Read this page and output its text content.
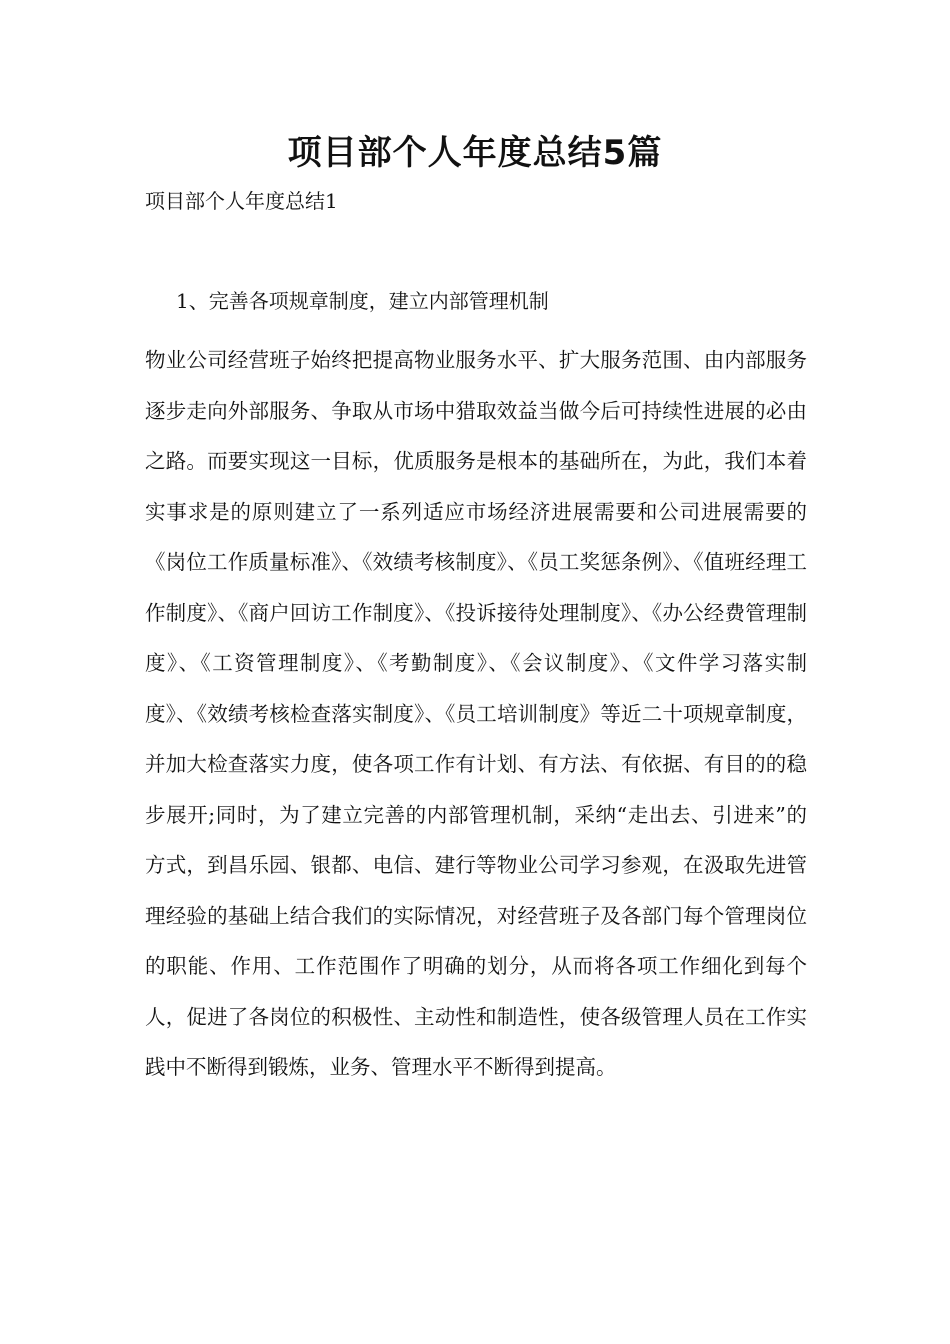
项目部个人年度总结5篇
项目部个人年度总结1
1、完善各项规章制度，建立内部管理机制

物业公司经营班子始终把提高物业服务水平、扩大服务范围、由内部服务逐步走向外部服务、争取从市场中猎取效益当做今后可持续性进展的必由之路。而要实现这一目标，优质服务是根本的基础所在，为此，我们本着实事求是的原则建立了一系列适应市场经济进展需要和公司进展需要的《岗位工作质量标准》、《效绩考核制度》、《员工奖惩条例》、《值班经理工作制度》、《商户回访工作制度》、《投诉接待处理制度》、《办公经费管理制度》、《工资管理制度》、《考勤制度》、《会议制度》、《文件学习落实制度》、《效绩考核检查落实制度》、《员工培训制度》等近二十项规章制度，并加大检查落实力度，使各项工作有计划、有方法、有依据、有目的的稳步展开;同时，为了建立完善的内部管理机制，采纳“走出去、引进来”的方式，到昌乐园、银都、电信、建行等物业公司学习参观，在汲取先进管理经验的基础上结合我们的实际情况，对经营班子及各部门每个管理岗位的职能、作用、工作范围作了明确的划分，从而将各项工作细化到每个人，促进了各岗位的积极性、主动性和制造性，使各级管理人员在工作实践中不断得到锻炼，业务、管理水平不断得到提高。
